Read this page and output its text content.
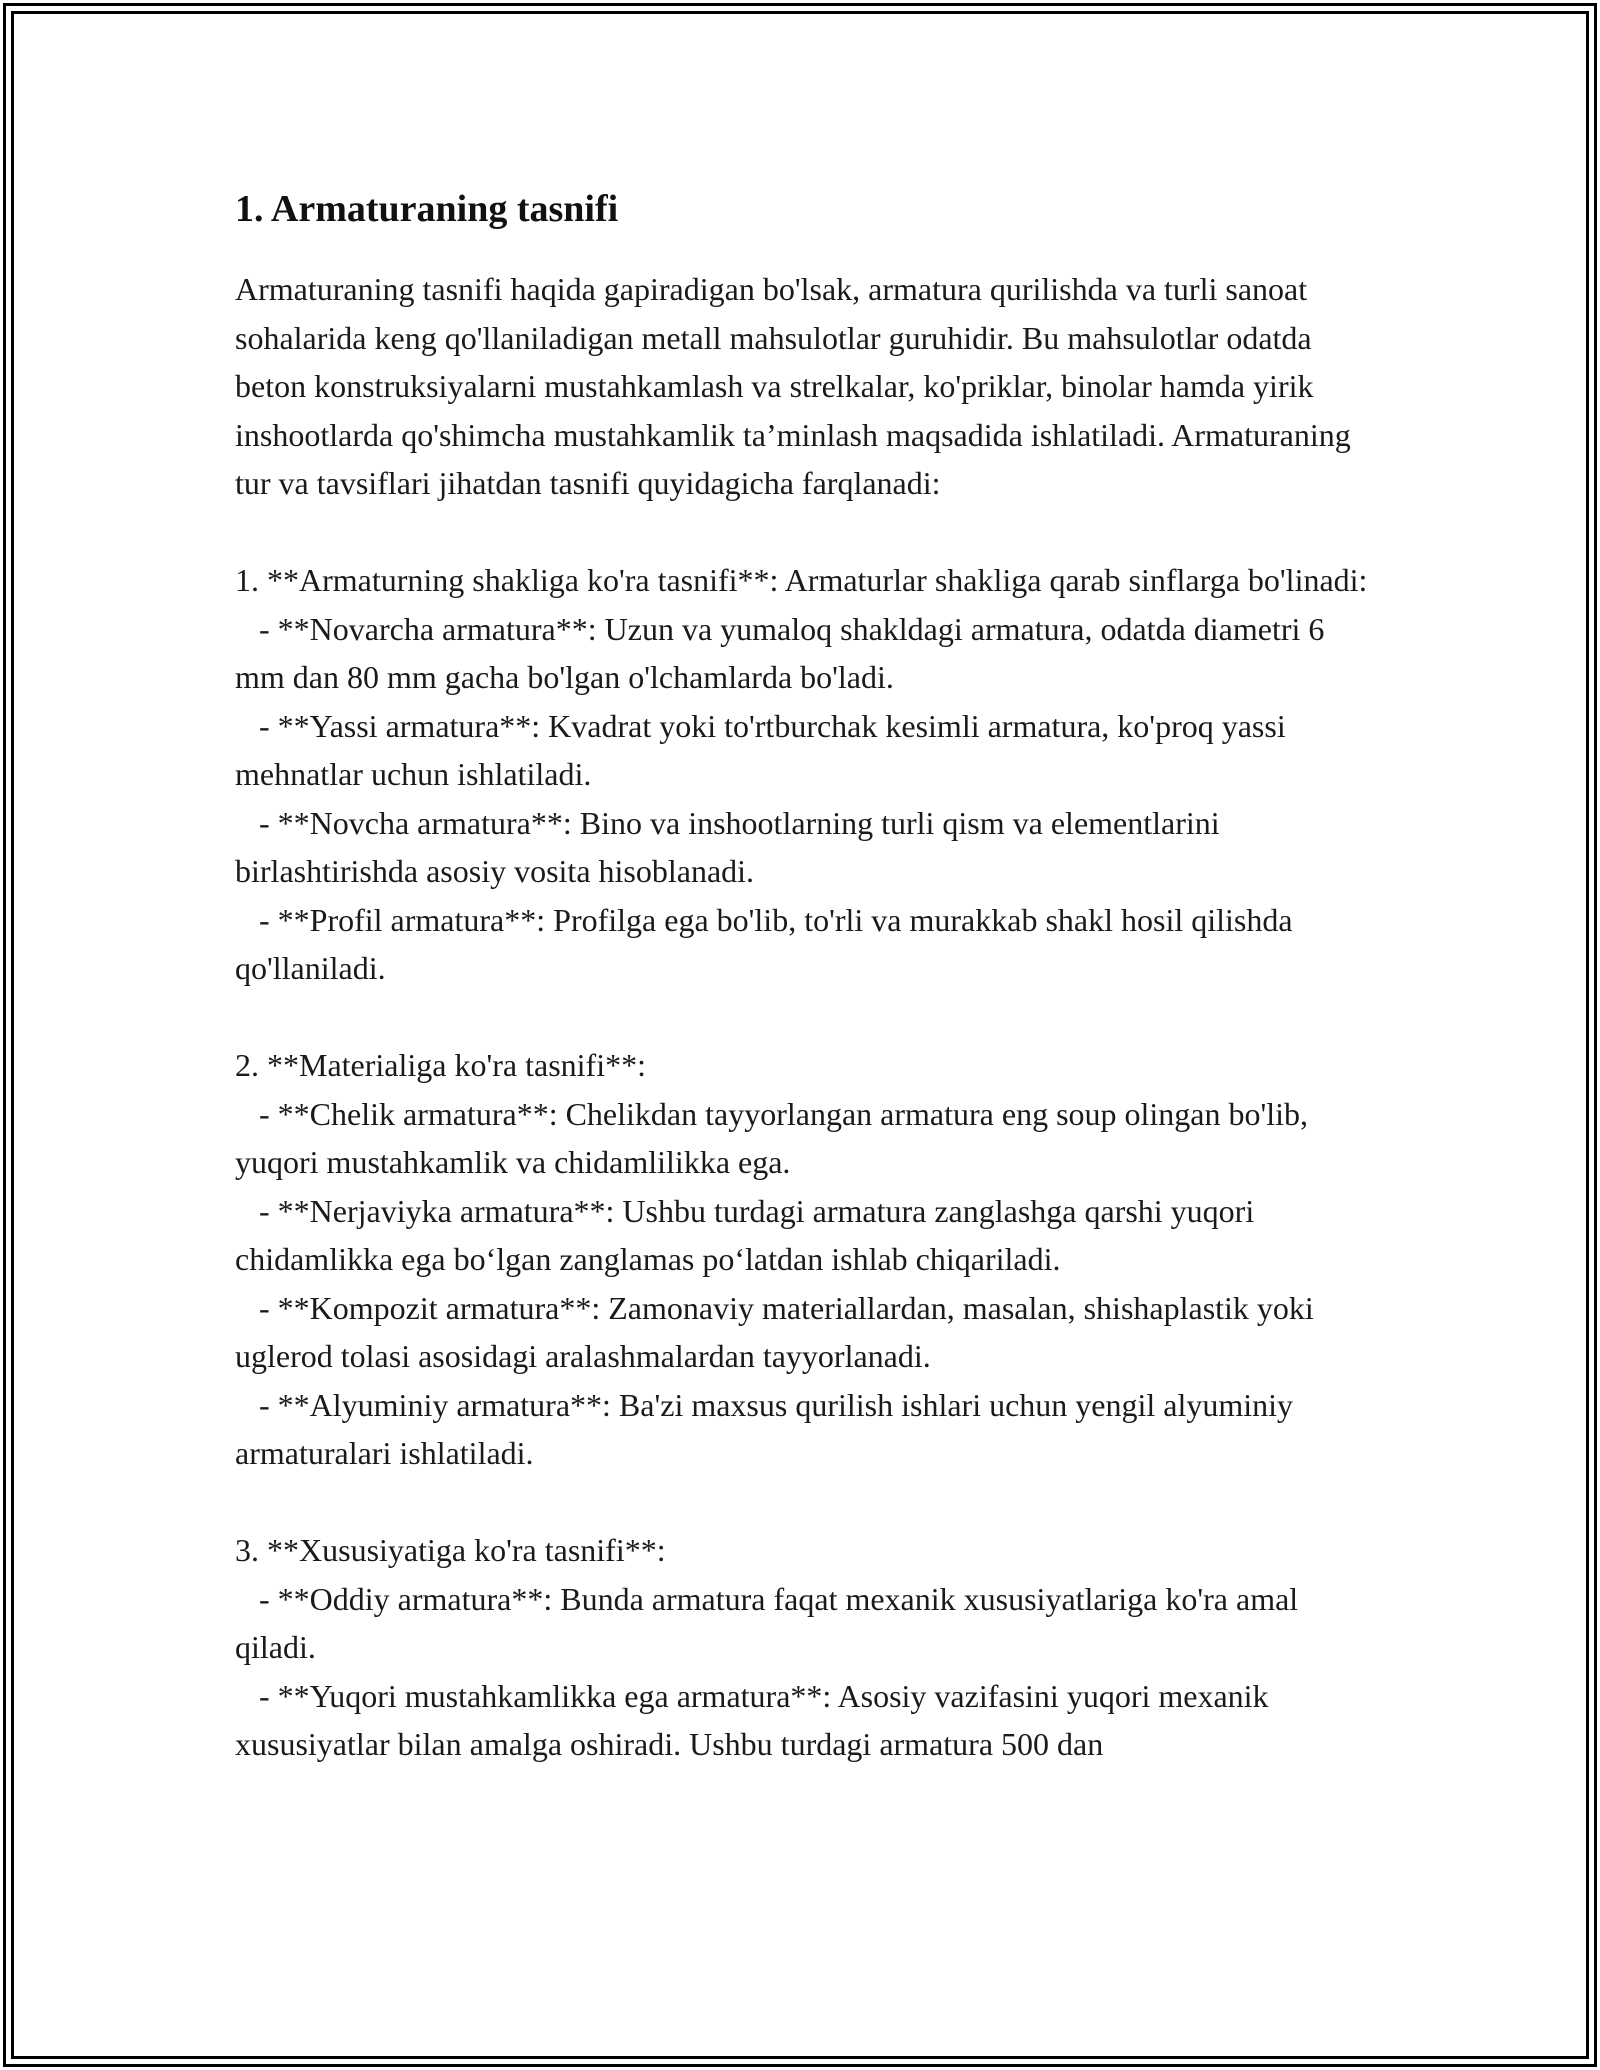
1. Armaturaning tasnifi

Armaturaning tasnifi haqida gapiradigan bo'lsak, armatura qurilishda va turli sanoat sohalarida keng qo'llaniladigan metall mahsulotlar guruhidir. Bu mahsulotlar odatda beton konstruksiyalarni mustahkamlash va strelkalar, ko'priklar, binolar hamda yirik inshootlarda qo'shimcha mustahkamlik ta’minlash maqsadida ishlatiladi. Armaturaning tur va tavsiflari jihatdan tasnifi quyidagicha farqlanadi:

1. **Armaturning shakliga ko'ra tasnifi**: Armaturlar shakliga qarab sinflarga bo'linadi:

- **Novarcha armatura**: Uzun va yumaloq shakldagi armatura, odatda diametri 6 mm dan 80 mm gacha bo'lgan o'lchamlarda bo'ladi.

- **Yassi armatura**: Kvadrat yoki to'rtburchak kesimli armatura, ko'proq yassi mehnatlar uchun ishlatiladi.

- **Novcha armatura**: Bino va inshootlarning turli qism va elementlarini birlashtirishda asosiy vosita hisoblanadi.

- **Profil armatura**: Profilga ega bo'lib, to'rli va murakkab shakl hosil qilishda qo'llaniladi.

2. **Materialiga ko'ra tasnifi**:

- **Chelik armatura**: Chelikdan tayyorlangan armatura eng soup olingan bo'lib, yuqori mustahkamlik va chidamlilikka ega.

- **Nerjaviyka armatura**: Ushbu turdagi armatura zanglashga qarshi yuqori chidamlikka ega bo‘lgan zanglamas po‘latdan ishlab chiqariladi.

- **Kompozit armatura**: Zamonaviy materiallardan, masalan, shishaplastik yoki uglerod tolasi asosidagi aralashmalardan tayyorlanadi.

- **Alyuminiy armatura**: Ba'zi maxsus qurilish ishlari uchun yengil alyuminiy armaturalari ishlatiladi.

3. **Xususiyatiga ko'ra tasnifi**:

- **Oddiy armatura**: Bunda armatura faqat mexanik xususiyatlariga ko'ra amal qiladi.

- **Yuqori mustahkamlikka ega armatura**: Asosiy vazifasini yuqori mexanik xususiyatlar bilan amalga oshiradi. Ushbu turdagi armatura 500 dan
